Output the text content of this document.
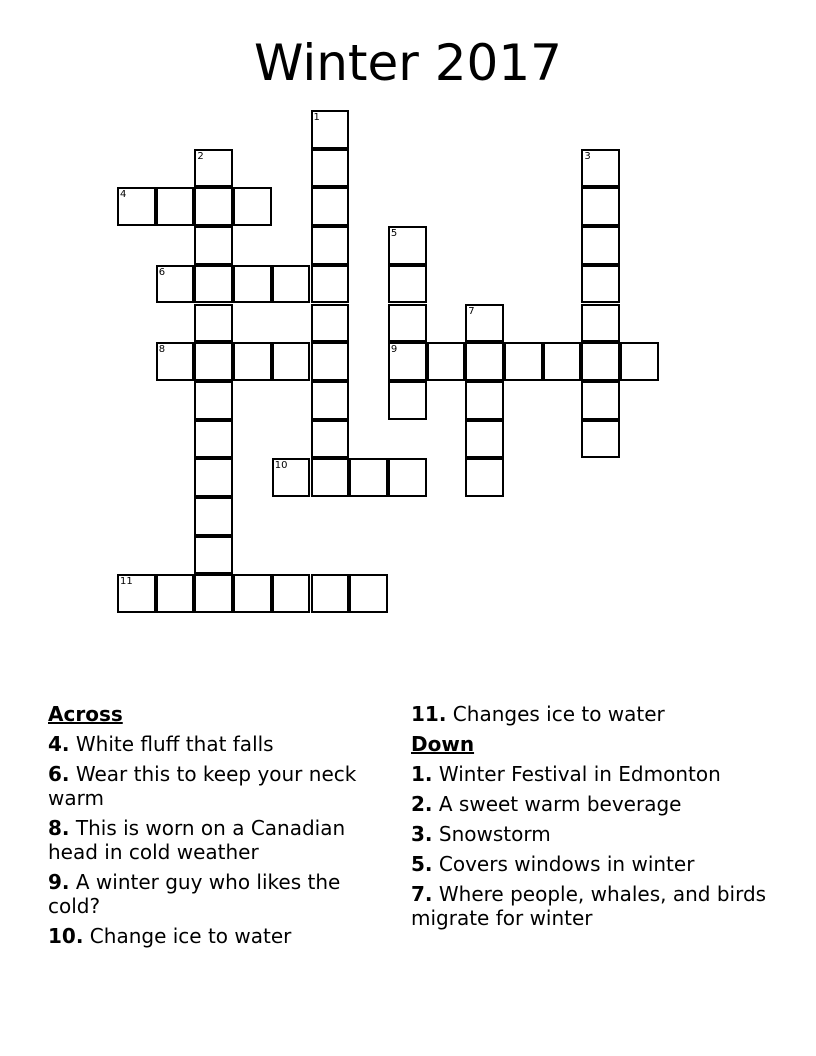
Winter 2017
1
2	3
4
5
9
6
7
8
10
11
Across
4. White fluff that falls
6. Wear this to keep your neck warm
8. This is worn on a Canadian head in cold weather
9. A winter guy who likes the cold?
10. Change ice to water
11. Changes ice to water
Down
1. Winter Festival in Edmonton
2. A sweet warm beverage
3. Snowstorm
5. Covers windows in winter
7. Where people, whales, and birds migrate for winter
